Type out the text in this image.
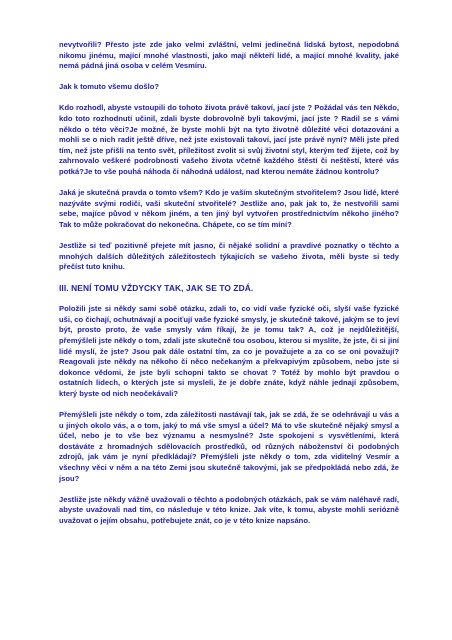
nevytvořili? Přesto jste zde jako velmi zvláštní, velmi jedinečná lidská bytost, nepodobná nikomu jinému, mající mnohé vlastnosti, jako mají někteří lidé, a mající mnohé kvality, jaké nemá pádná jiná osoba v celém Vesmíru.

Jak k tomuto všemu došlo?

Kdo rozhodl, abyste vstoupili do tohoto života právě takoví, jací jste ? Požádal vás ten Někdo, kdo toto rozhodnutí učinil, zdali byste dobrovolně byli takovými, jací jste ? Radil se s vámi někdo o této věci?Je možné, že byste mohli být na tyto životně důležité věci dotazováni a mohli se o nich radit ještě dříve, než jste existovali takoví, jací jste právě nyní? Měli jste před tím, než jste přišli na tento svět, příležitost zvolit si svůj životní styl, kterým teď žijete, což by zahrnovalo veškeré podrobnosti vašeho života včetně každého štěstí či neštěstí, které vás potká?Je to vše pouhá náhoda či náhodná událost, nad kterou nemáte žádnou kontrolu?

Jaká je skutečná pravda o tomto všem? Kdo je vaším skutečným stvořitelem? Jsou lidé, které nazýváte svými rodiči, vaši skuteční stvořitelé? Jestliže ano, pak jak to, že nestvořili sami sebe, majíce původ v někom jiném, a ten jiný byl vytvořen prostřednictvím někoho jiného? Tak to může pokračovat do nekonečna. Chápete, co se tím míní?

Jestliže si teď pozitivně přejete mít jasno, či nějaké solidní a pravdivé poznatky o těchto a mnohých dalších důležitých záležitostech týkajících se vašeho života, měli byste si tedy přečíst tuto knihu.

III. NENÍ TOMU VŽDYCKY TAK, JAK SE TO ZDÁ.

Položili jste si někdy sami sobě otázku, zdali to, co vidí vaše fyzické oči, slyší vaše fyzické uši, co čichají, ochutnávají a pociťují vaše fyzické smysly, je skutečně takové, jakým se to jeví být, prosto proto, že vaše smysly vám říkají, že je tomu tak? A, což je nejdůležitější, přemýšleli jste někdy o tom, zdali jste skutečně tou osobou, kterou si myslíte, že jste, či si jiní lidé myslí, že jste? Jsou pak dále ostatní tím, za co je považujete a za co se oni považují? Reagovali jste někdy na někoho či něco nečekaným a překvapivým způsobem, nebo jste si dokonce vědomi, že jste byli schopni takto se chovat ? Totéž by mohlo být pravdou o ostatních lidech, o kterých jste si mysleli, že je dobře znáte, když náhle jednají způsobem, který byste od nich neočekávali?

Přemýšleli jste někdy o tom, zda záležitosti nastávají tak, jak se zdá, že se odehrávají u vás a u jiných okolo vás, a o tom, jaký to má vše smysl a účel? Má to vše skutečně nějaký smysl a účel, nebo je to vše bez významu a nesmyslné? Jste spokojeni s vysvětleními, která dostáváte z hromadných sdělovacích prostředků, od různých náboženství či podobných zdrojů, jak vám je nyní předkládají? Přemýšleli jste někdy o tom, zda viditelný Vesmír a všechny věci v něm a na této Zemi jsou skutečně takovými, jak se předpokládá nebo zdá, že jsou?

Jestliže jste někdy vážně uvažovali o těchto a podobných otázkách, pak se vám naléhavě radí, abyste uvažovali nad tím, co následuje v této knize. Jak víte, k tomu, abyste mohli seriózně uvažovat o jejím obsahu, potřebujete znát, co je v této knize napsáno.
